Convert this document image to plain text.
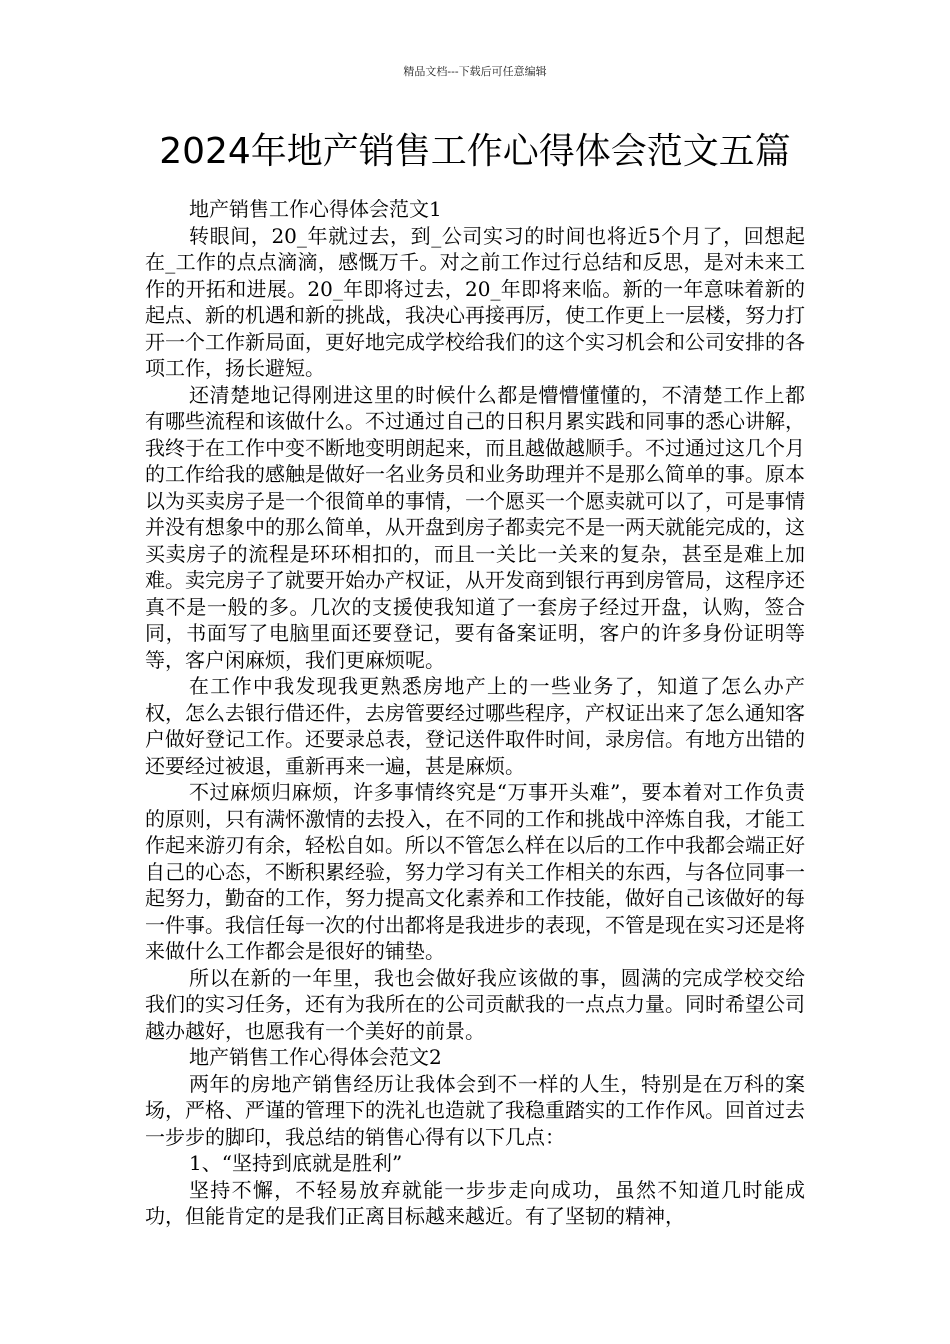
精品文档---下载后可任意编辑
2024年地产销售工作心得体会范文五篇

地产销售工作心得体会范文1

转眼间，20_年就过去，到_公司实习的时间也将近5个月了，回想起在_工作的点点滴滴，感慨万千。对之前工作过行总结和反思，是对未来工作的开拓和进展。20_年即将过去，20_年即将来临。新的一年意味着新的起点、新的机遇和新的挑战，我决心再接再厉，使工作更上一层楼，努力打开一个工作新局面，更好地完成学校给我们的这个实习机会和公司安排的各项工作，扬长避短。

还清楚地记得刚进这里的时候什么都是懵懵懂懂的，不清楚工作上都有哪些流程和该做什么。不过通过自己的日积月累实践和同事的悉心讲解，我终于在工作中变不断地变明朗起来，而且越做越顺手。不过通过这几个月的工作给我的感触是做好一名业务员和业务助理并不是那么简单的事。原本以为买卖房子是一个很简单的事情，一个愿买一个愿卖就可以了，可是事情并没有想象中的那么简单，从开盘到房子都卖完不是一两天就能完成的，这买卖房子的流程是环环相扣的，而且一关比一关来的复杂，甚至是难上加难。卖完房子了就要开始办产权证，从开发商到银行再到房管局，这程序还真不是一般的多。几次的支援使我知道了一套房子经过开盘，认购，签合同，书面写了电脑里面还要登记，要有备案证明，客户的许多身份证明等等，客户闲麻烦，我们更麻烦呢。

在工作中我发现我更熟悉房地产上的一些业务了，知道了怎么办产权，怎么去银行借还件，去房管要经过哪些程序，产权证出来了怎么通知客户做好登记工作。还要录总表，登记送件取件时间，录房信。有地方出错的还要经过被退，重新再来一遍，甚是麻烦。

不过麻烦归麻烦，许多事情终究是“万事开头难”，要本着对工作负责的原则，只有满怀激情的去投入，在不同的工作和挑战中淬炼自我，才能工作起来游刃有余，轻松自如。所以不管怎么样在以后的工作中我都会端正好自己的心态，不断积累经验，努力学习有关工作相关的东西，与各位同事一起努力，勤奋的工作，努力提高文化素养和工作技能，做好自己该做好的每一件事。我信任每一次的付出都将是我进步的表现，不管是现在实习还是将来做什么工作都会是很好的铺垫。

所以在新的一年里，我也会做好我应该做的事，圆满的完成学校交给我们的实习任务，还有为我所在的公司贡献我的一点点力量。同时希望公司越办越好，也愿我有一个美好的前景。

地产销售工作心得体会范文2

两年的房地产销售经历让我体会到不一样的人生，特别是在万科的案场，严格、严谨的管理下的洗礼也造就了我稳重踏实的工作作风。回首过去一步步的脚印，我总结的销售心得有以下几点：

1、“坚持到底就是胜利”

坚持不懈，不轻易放弃就能一步步走向成功，虽然不知道几时能成功，但能肯定的是我们正离目标越来越近。有了坚韧的精神，
